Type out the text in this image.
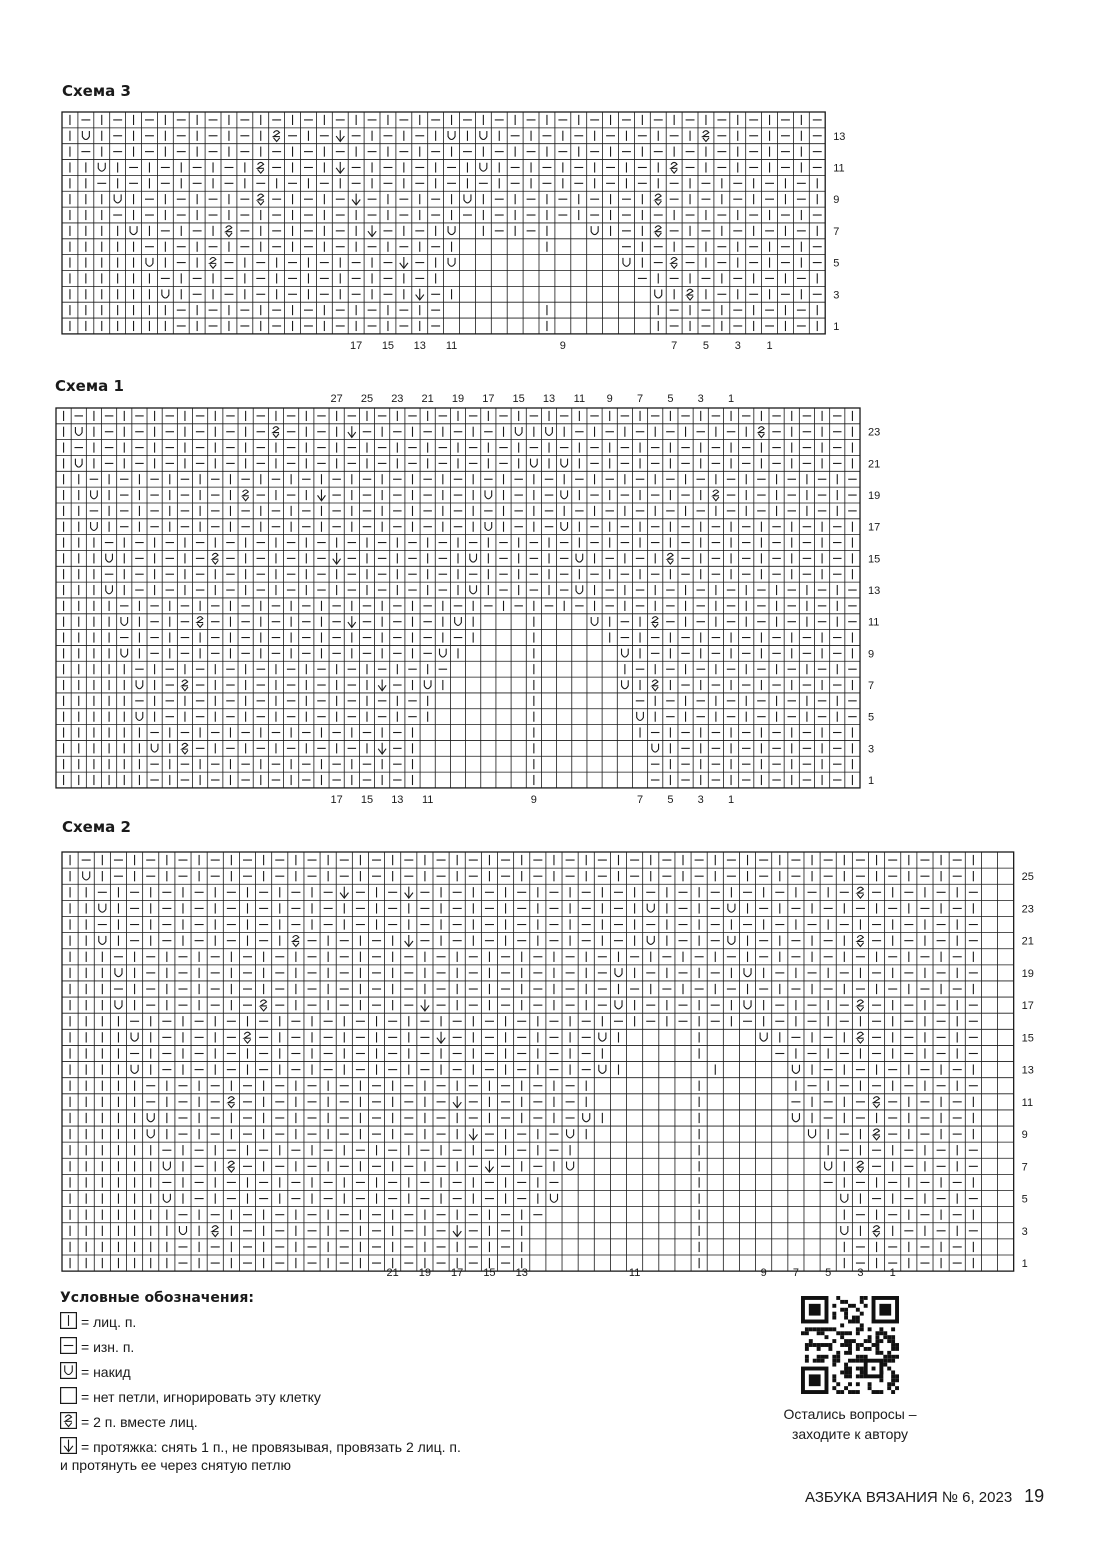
Схема 3
Схема 1
Схема 2
13
11
9
7
5
3
1
17 15 13 11	9	7 5 3 1
23
21
19
17
15
13
11
9
7
5
3
1
27 25 23 21 19 17 15 13 11 9 7 5 3 1
17 15 13 11	9	7 5 3 1
25
23
21
19
17
15
13
11
9
7
5
3
1
21 19 17 15 13	11	9 7 5 3 1

Условные обозначения:

= лиц. п.
= изн. п.
= накид
= нет петли, игнорировать эту клетку
= 2 п. вместе лиц.
= протяжка: снять 1 п., не провязывая, провязать 2 лиц. п.
и протянуть ее через снятую петлю
Остались вопросы –
заходите к автору
АЗБУКА ВЯЗАНИЯ № 6, 2023 19
